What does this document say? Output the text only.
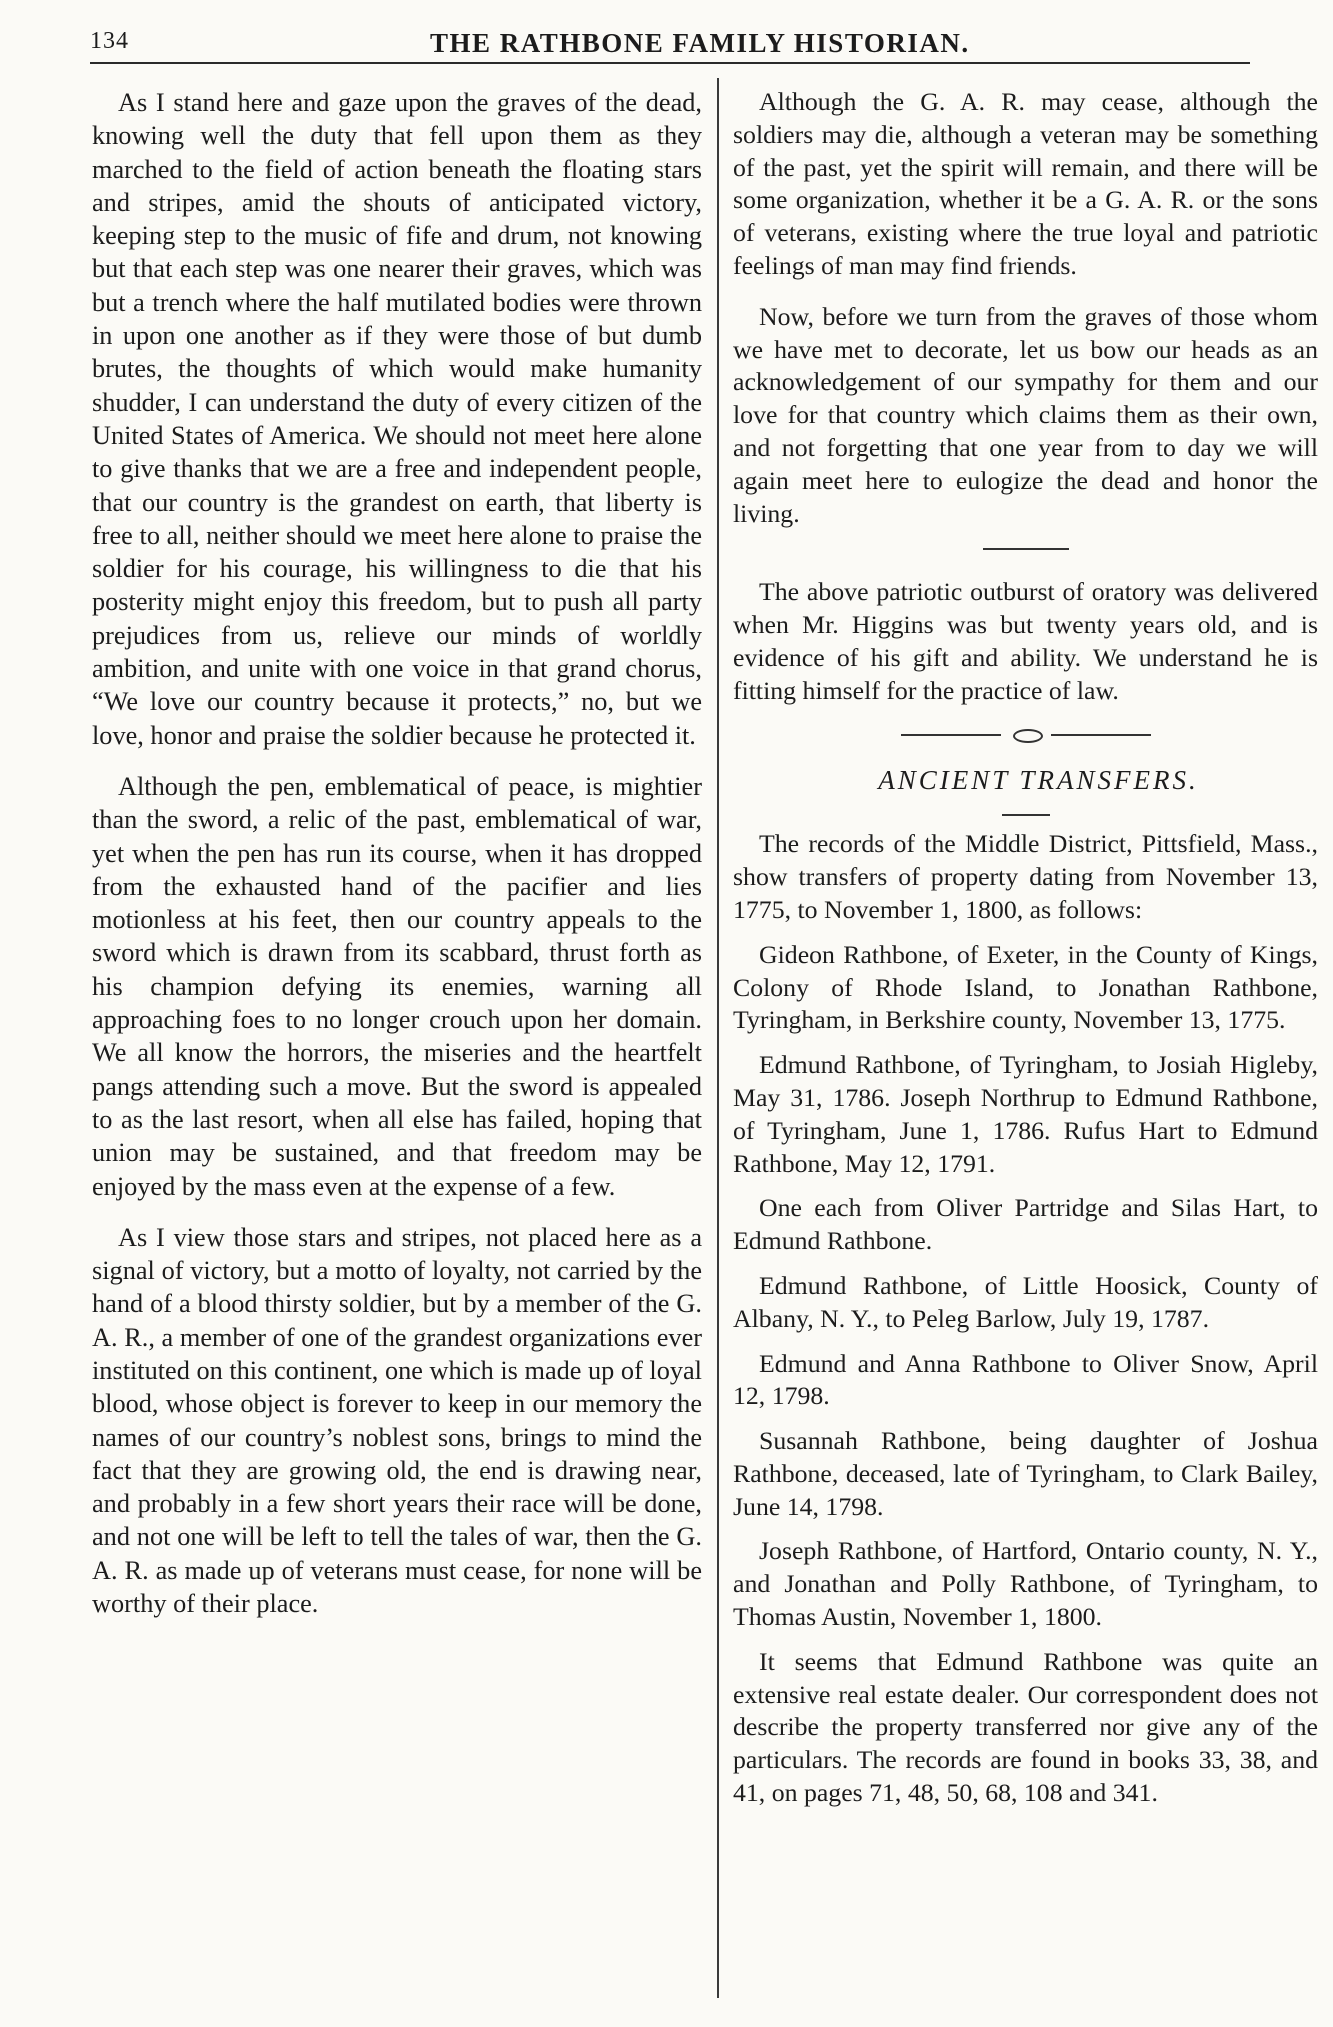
134	THE RATHBONE FAMILY HISTORIAN.

As I stand here and gaze upon the graves of the dead, knowing well the duty that fell upon them as they marched to the field of action beneath the floating stars and stripes, amid the shouts of anticipated victory, keeping step to the music of fife and drum, not knowing but that each step was one nearer their graves, which was but a trench where the half mutilated bodies were thrown in upon one another as if they were those of but dumb brutes, the thoughts of which would make humanity shudder, I can understand the duty of every citizen of the United States of America. We should not meet here alone to give thanks that we are a free and independent people, that our country is the grandest on earth, that liberty is free to all, neither should we meet here alone to praise the soldier for his courage, his willingness to die that his posterity might enjoy this freedom, but to push all party prejudices from us, relieve our minds of worldly ambition, and unite with one voice in that grand chorus, “We love our country because it protects,” no, but we love, honor and praise the soldier because he protected it.

Although the pen, emblematical of peace, is mightier than the sword, a relic of the past, emblematical of war, yet when the pen has run its course, when it has dropped from the exhausted hand of the pacifier and lies motionless at his feet, then our country appeals to the sword which is drawn from its scabbard, thrust forth as his champion defying its enemies, warning all approaching foes to no longer crouch upon her domain. We all know the horrors, the miseries and the heartfelt pangs attending such a move. But the sword is appealed to as the last resort, when all else has failed, hoping that union may be sustained, and that freedom may be enjoyed by the mass even at the expense of a few.

As I view those stars and stripes, not placed here as a signal of victory, but a motto of loyalty, not carried by the hand of a blood thirsty soldier, but by a member of the G. A. R., a member of one of the grandest organizations ever instituted on this continent, one which is made up of loyal blood, whose object is forever to keep in our memory the names of our country’s noblest sons, brings to mind the fact that they are growing old, the end is drawing near, and probably in a few short years their race will be done, and not one will be left to tell the tales of war, then the G. A. R. as made up of veterans must cease, for none will be worthy of their place.

Although the G. A. R. may cease, although the soldiers may die, although a veteran may be something of the past, yet the spirit will remain, and there will be some organization, whether it be a G. A. R. or the sons of veterans, existing where the true loyal and patriotic feelings of man may find friends.

Now, before we turn from the graves of those whom we have met to decorate, let us bow our heads as an acknowledgement of our sympathy for them and our love for that country which claims them as their own, and not forgetting that one year from to day we will again meet here to eulogize the dead and honor the living.

The above patriotic outburst of oratory was delivered when Mr. Higgins was but twenty years old, and is evidence of his gift and ability. We understand he is fitting himself for the practice of law.

ANCIENT TRANSFERS.

The records of the Middle District, Pittsfield, Mass., show transfers of property dating from November 13, 1775, to November 1, 1800, as follows:

Gideon Rathbone, of Exeter, in the County of Kings, Colony of Rhode Island, to Jonathan Rathbone, Tyringham, in Berkshire county, November 13, 1775.

Edmund Rathbone, of Tyringham, to Josiah Higleby, May 31, 1786. Joseph Northrup to Edmund Rathbone, of Tyringham, June 1, 1786. Rufus Hart to Edmund Rathbone, May 12, 1791.

One each from Oliver Partridge and Silas Hart, to Edmund Rathbone.

Edmund Rathbone, of Little Hoosick, County of Albany, N. Y., to Peleg Barlow, July 19, 1787.

Edmund and Anna Rathbone to Oliver Snow, April 12, 1798.

Susannah Rathbone, being daughter of Joshua Rathbone, deceased, late of Tyringham, to Clark Bailey, June 14, 1798.

Joseph Rathbone, of Hartford, Ontario county, N. Y., and Jonathan and Polly Rathbone, of Tyringham, to Thomas Austin, November 1, 1800.

It seems that Edmund Rathbone was quite an extensive real estate dealer. Our correspondent does not describe the property transferred nor give any of the particulars. The records are found in books 33, 38, and 41, on pages 71, 48, 50, 68, 108 and 341.
